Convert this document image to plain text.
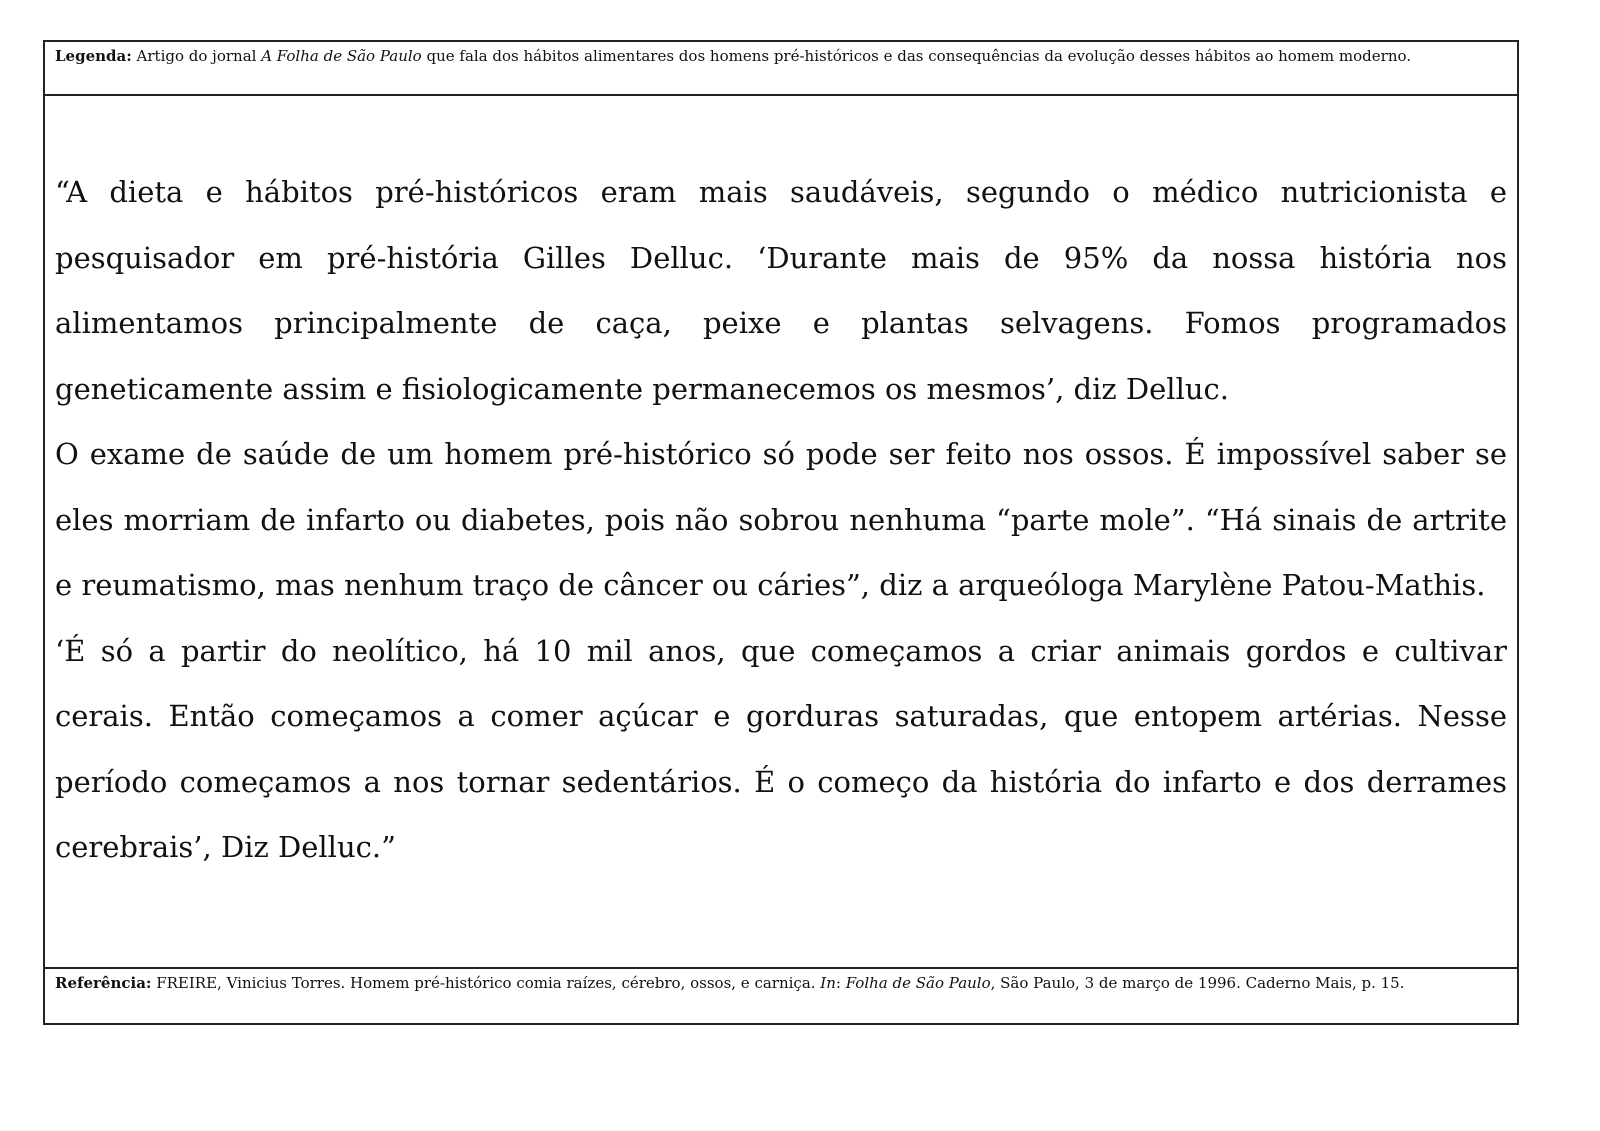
Legenda: Artigo do jornal A Folha de São Paulo que fala dos hábitos alimentares dos homens pré-históricos e das consequências da evolução desses hábitos ao homem moderno.

“A dieta e hábitos pré-históricos eram mais saudáveis, segundo o médico nutricionista e pesquisador em pré-história Gilles Delluc. ‘Durante mais de 95% da nossa história nos alimentamos principalmente de caça, peixe e plantas selvagens. Fomos programados geneticamente assim e fisiologicamente permanecemos os mesmos’, diz Delluc.

O exame de saúde de um homem pré-histórico só pode ser feito nos ossos. É impossível saber se eles morriam de infarto ou diabetes, pois não sobrou nenhuma “parte mole”. “Há sinais de artrite e reumatismo, mas nenhum traço de câncer ou cáries”, diz a arqueóloga Marylène Patou-Mathis.

‘É só a partir do neolítico, há 10 mil anos, que começamos a criar animais gordos e cultivar cerais. Então começamos a comer açúcar e gorduras saturadas, que entopem artérias. Nesse período começamos a nos tornar sedentários. É o começo da história do infarto e dos derrames cerebrais’, Diz Delluc.”

Referência: FREIRE, Vinicius Torres. Homem pré-histórico comia raízes, cérebro, ossos, e carniça. In: Folha de São Paulo, São Paulo, 3 de março de 1996. Caderno Mais, p. 15.
